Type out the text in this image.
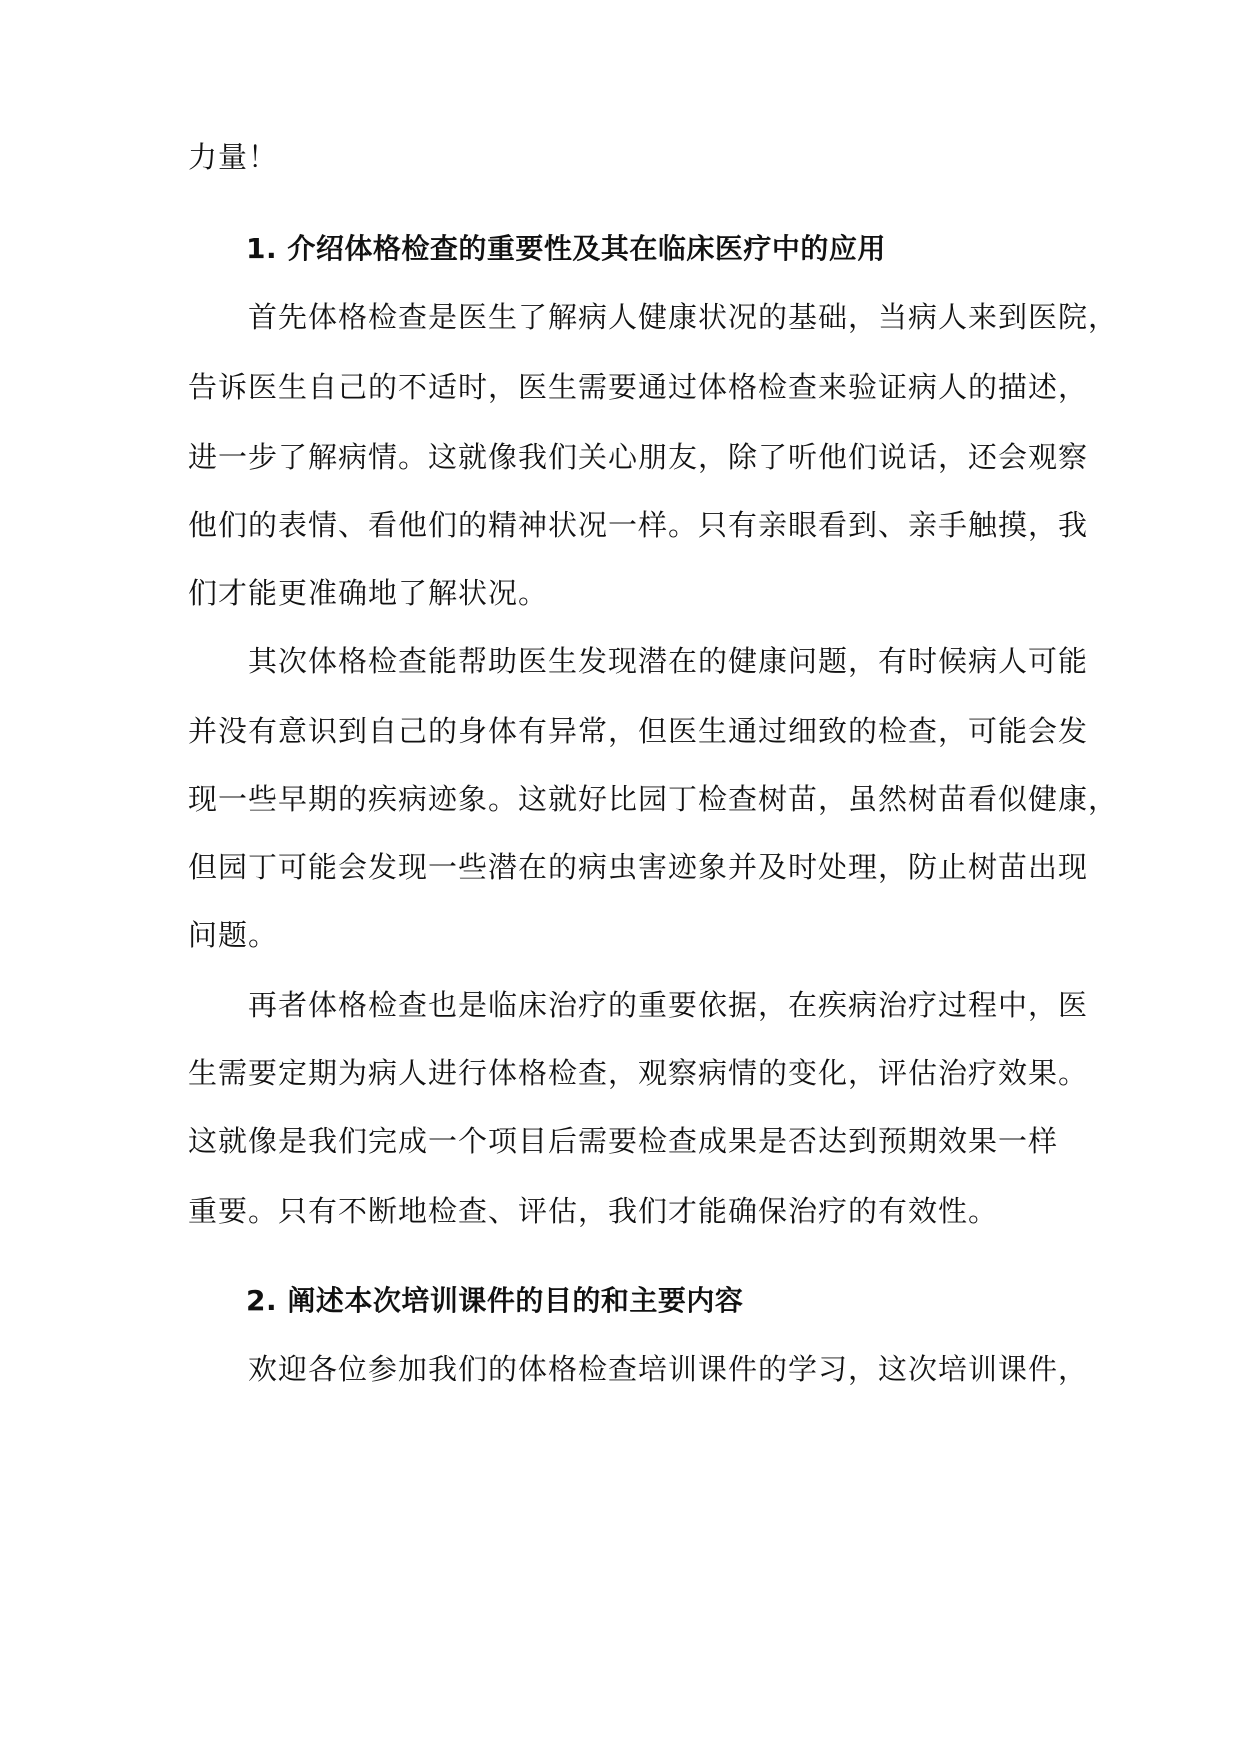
力量！
1. 介绍体格检查的重要性及其在临床医疗中的应用
首先体格检查是医生了解病人健康状况的基础，当病人来到医院，
告诉医生自己的不适时，医生需要通过体格检查来验证病人的描述，
进一步了解病情。这就像我们关心朋友，除了听他们说话，还会观察
他们的表情、看他们的精神状况一样。只有亲眼看到、亲手触摸，我
们才能更准确地了解状况。
其次体格检查能帮助医生发现潜在的健康问题，有时候病人可能
并没有意识到自己的身体有异常，但医生通过细致的检查，可能会发
现一些早期的疾病迹象。这就好比园丁检查树苗，虽然树苗看似健康，
但园丁可能会发现一些潜在的病虫害迹象并及时处理，防止树苗出现
问题。
再者体格检查也是临床治疗的重要依据，在疾病治疗过程中，医
生需要定期为病人进行体格检查，观察病情的变化，评估治疗效果。
这就像是我们完成一个项目后需要检查成果是否达到预期效果一样
重要。只有不断地检查、评估，我们才能确保治疗的有效性。
2. 阐述本次培训课件的目的和主要内容
欢迎各位参加我们的体格检查培训课件的学习，这次培训课件，
